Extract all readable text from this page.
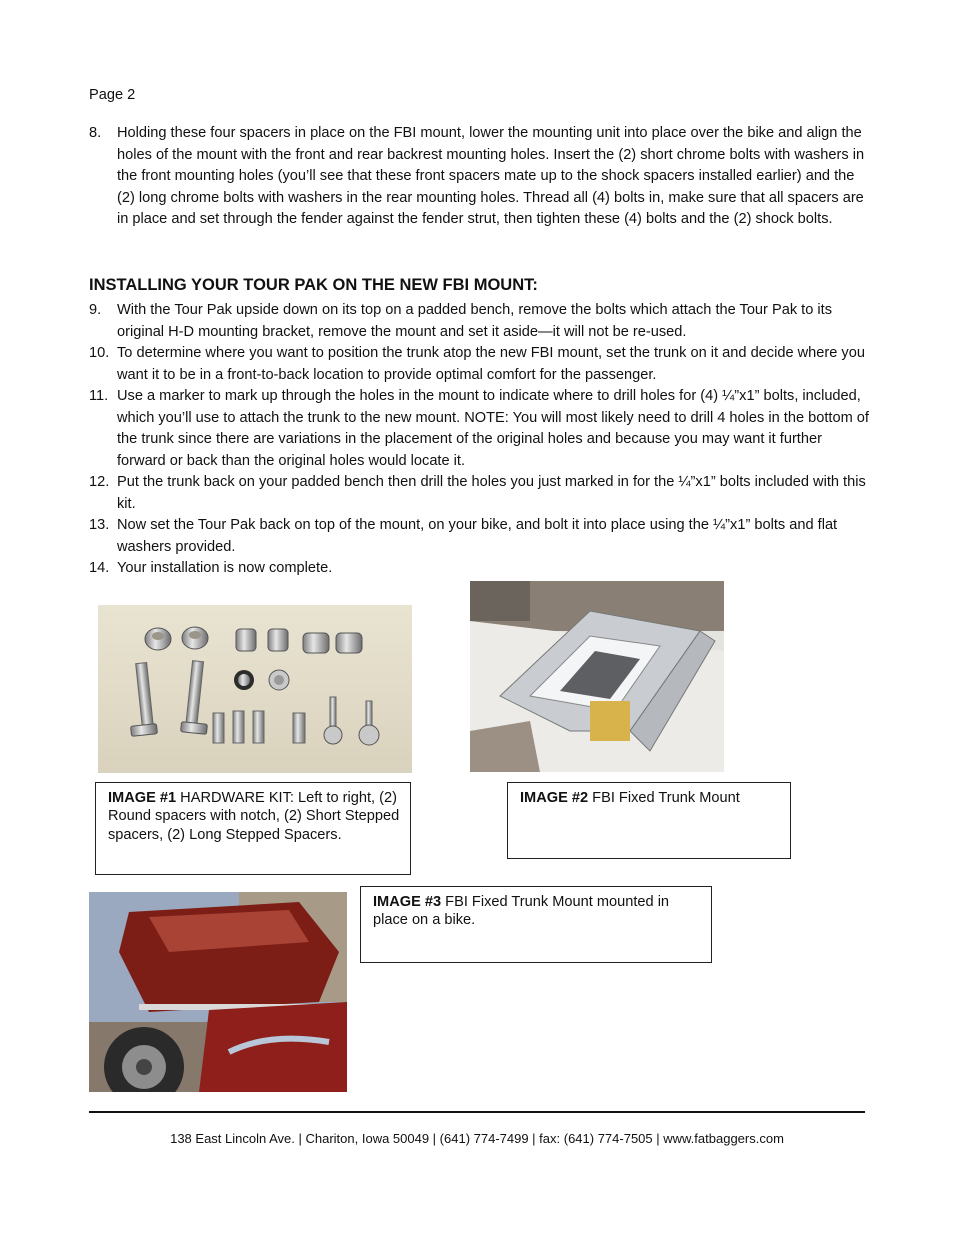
Page 2
8. Holding these four spacers in place on the FBI mount, lower the mounting unit into place over the bike and align the holes of the mount with the front and rear backrest mounting holes. Insert the (2) short chrome bolts with washers in the front mounting holes (you’ll see that these front spacers mate up to the shock spacers installed earlier) and the (2) long chrome bolts with washers in the rear mounting holes. Thread all (4) bolts in, make sure that all spacers are in place and set through the fender against the fender strut, then tighten these (4) bolts and the (2) shock bolts.
INSTALLING YOUR TOUR PAK ON THE NEW FBI MOUNT:
9. With the Tour Pak upside down on its top on a padded bench, remove the bolts which attach the Tour Pak to its original H-D mounting bracket, remove the mount and set it aside—it will not be re-used.
10. To determine where you want to position the trunk atop the new FBI mount, set the trunk on it and decide where you want it to be in a front-to-back location to provide optimal comfort for the passenger.
11. Use a marker to mark up through the holes in the mount to indicate where to drill holes for (4) ¼”x1” bolts, included, which you’ll use to attach the trunk to the new mount. NOTE: You will most likely need to drill 4 holes in the bottom of the trunk since there are variations in the placement of the original holes and because you may want it further forward or back than the original holes would locate it.
12. Put the trunk back on your padded bench then drill the holes you just marked in for the ¼”x1” bolts included with this kit.
13. Now set the Tour Pak back on top of the mount, on your bike, and bolt it into place using the ¼”x1” bolts and flat washers provided.
14. Your installation is now complete.
IMAGE #1 HARDWARE KIT: Left to right, (2) Round spacers with notch, (2) Short Stepped spacers, (2) Long Stepped Spacers.
IMAGE #2 FBI Fixed Trunk Mount
IMAGE #3 FBI Fixed Trunk Mount mounted in place on a bike.
138 East Lincoln Ave. | Chariton, Iowa 50049 | (641) 774-7499 | fax: (641) 774-7505 | www.fatbaggers.com
